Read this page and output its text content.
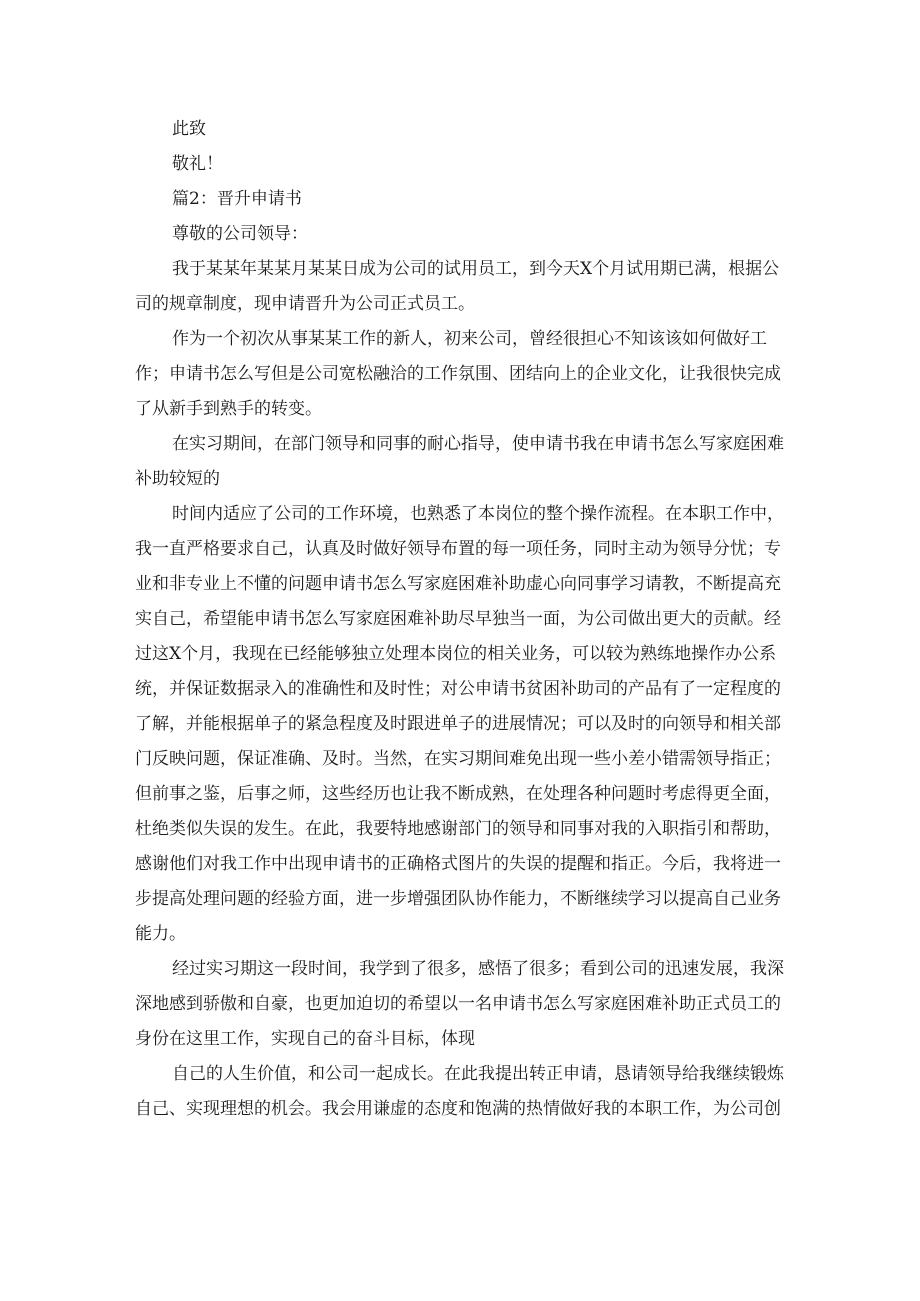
此致

敬礼！

篇2：晋升申请书

尊敬的公司领导：

我于某某年某某月某某日成为公司的试用员工，到今天X个月试用期已满，根据公司的规章制度，现申请晋升为公司正式员工。

作为一个初次从事某某工作的新人，初来公司，曾经很担心不知该该如何做好工作；申请书怎么写但是公司宽松融洽的工作氛围、团结向上的企业文化，让我很快完成了从新手到熟手的转变。

在实习期间，在部门领导和同事的耐心指导，使申请书我在申请书怎么写家庭困难补助较短的

时间内适应了公司的工作环境，也熟悉了本岗位的整个操作流程。在本职工作中，我一直严格要求自己，认真及时做好领导布置的每一项任务，同时主动为领导分忧；专业和非专业上不懂的问题申请书怎么写家庭困难补助虚心向同事学习请教，不断提高充实自己，希望能申请书怎么写家庭困难补助尽早独当一面，为公司做出更大的贡献。经过这X个月，我现在已经能够独立处理本岗位的相关业务，可以较为熟练地操作办公系统，并保证数据录入的准确性和及时性；对公申请书贫困补助司的产品有了一定程度的了解，并能根据单子的紧急程度及时跟进单子的进展情况；可以及时的向领导和相关部门反映问题，保证准确、及时。当然，在实习期间难免出现一些小差小错需领导指正；但前事之鉴，后事之师，这些经历也让我不断成熟，在处理各种问题时考虑得更全面，杜绝类似失误的发生。在此，我要特地感谢部门的领导和同事对我的入职指引和帮助，感谢他们对我工作中出现申请书的正确格式图片的失误的提醒和指正。今后，我将进一步提高处理问题的经验方面，进一步增强团队协作能力，不断继续学习以提高自己业务能力。

经过实习期这一段时间，我学到了很多，感悟了很多；看到公司的迅速发展，我深深地感到骄傲和自豪，也更加迫切的希望以一名申请书怎么写家庭困难补助正式员工的身份在这里工作，实现自己的奋斗目标，体现

自己的人生价值，和公司一起成长。在此我提出转正申请，恳请领导给我继续锻炼自己、实现理想的机会。我会用谦虚的态度和饱满的热情做好我的本职工作，为公司创
